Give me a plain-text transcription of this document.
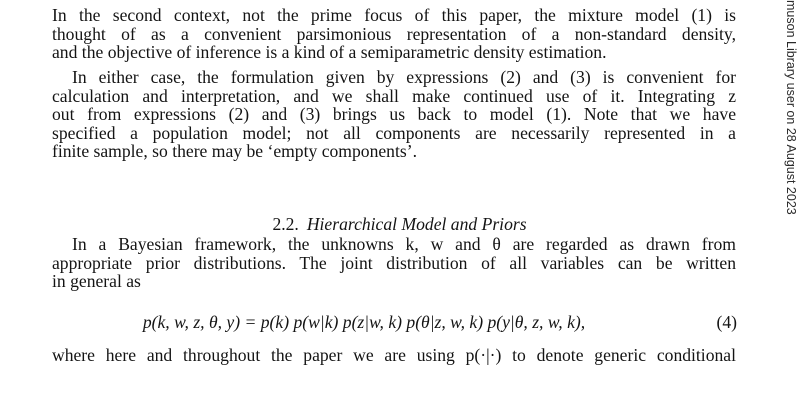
In the second context, not the prime focus of this paper, the mixture model (1) is
thought of as a convenient parsimonious representation of a non-standard density,
and the objective of inference is a kind of a semiparametric density estimation.
In either case, the formulation given by expressions (2) and (3) is convenient for
calculation and interpretation, and we shall make continued use of it. Integrating z
out from expressions (2) and (3) brings us back to model (1). Note that we have
specified a population model; not all components are necessarily represented in a
finite sample, so there may be ‘empty components’.
2.2. Hierarchical Model and Priors
In a Bayesian framework, the unknowns k, w and θ are regarded as drawn from
appropriate prior distributions. The joint distribution of all variables can be written
in general as
p(k, w, z, θ, y) = p(k) p(w|k) p(z|w, k) p(θ|z, w, k) p(y|θ, z, w, k),	(4)
where here and throughout the paper we are using p(·|·) to denote generic conditional
muson Library user on 28 August 2023
